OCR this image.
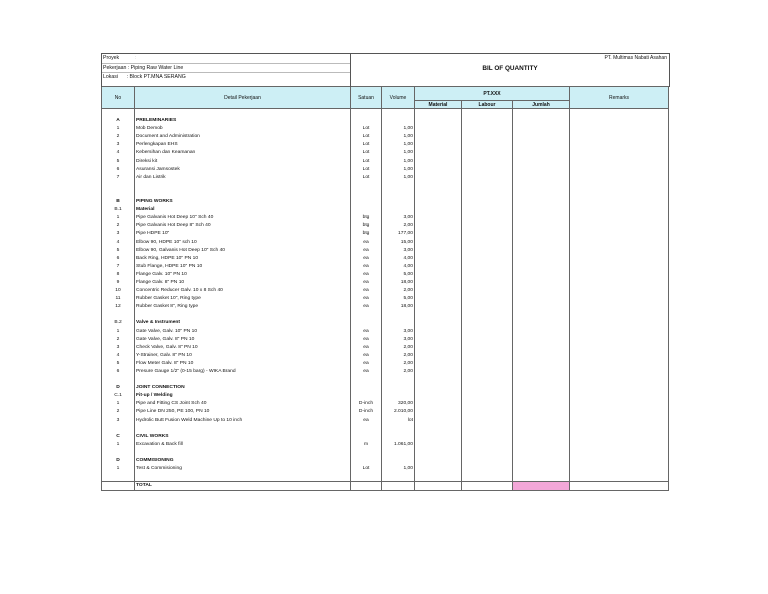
Proyek	:
Pekerjaan : Piping Raw Water Line
Lokasi : Block PT.MNA SERANG
BIL OF QUANTITY
PT. Multimas Nabati Asahan
No	Detail Pekerjaan	Satuan	Volume	PT.XXX			Remarks
				Material	Labour	Jumlah	

A	PRELEMINARIES						
1	Mob Demob	Lot	1,00				
2	Document and Administration	Lot	1,00				
3	Perlengkapan EHS	Lot	1,00				
4	Kebersihan dan Keamanan	Lot	1,00				
5	Direksi kit	Lot	1,00				
6	Asuransi Jamsostek	Lot	1,00				
7	Air dan Listrik	Lot	1,00				

B	PIPING WORKS						
B.1	Material						
1	Pipe Galvanis Hot Deep 10" Sch 40	btg	3,00				
2	Pipe Galvanis Hot Deep 8" Sch 40	btg	2,00				
3	Pipe HDPE 10"	btg	177,00				
4	Elbow 90, HDPE 10" sch 10	ea	15,00				
5	Elbow 90, Galvanis Hot Deep 10" Sch 40	ea	3,00				
6	Back Ring, HDPE 10" PN 10	ea	4,00				
7	Stub Flange, HDPE 10" PN 10	ea	4,00				
8	Flange Galv. 10" PN 10	ea	5,00				
9	Flange Galv. 8" PN 10	ea	18,00				
10	Concentric Reducer Galv. 10 x 8 Sch 40	ea	2,00				
11	Rubber Gasket 10", Ring type	ea	5,00				
12	Rubber Gasket 8", Ring type	ea	18,00				

B.2	Valve & Instrument						
1	Gate Valve, Galv. 10" PN 10	ea	3,00				
2	Gate Valve, Galv. 8" PN 10	ea	3,00				
3	Check Valve, Galv. 8" PN 10	ea	2,00				
4	Y-Strainer, Galv. 8" PN 10	ea	2,00				
5	Flow Meter Galv. 8" PN 10	ea	2,00				
6	Presure Gauge 1/2" (0-15 barg) - WIKA Brand	ea	2,00				

D	JOINT CONNECTION						
C.1	Fit-up / Welding						
1	Pipe and Fitting CS Joint Sch 40	D-inch	320,00				
2	Pipe Line DN 250, PE 100, PN 10	D-inch	2.010,00				
3	Hydrolic Butt Fusion Weld Machine Up to 10 inch	ea	lot				

C	CIVIL WORKS						
1	Excavation & Back fill	m	1.061,00				

D	COMMISIONING						
1	Test & Commisioning	Lot	1,00				

	TOTAL						
